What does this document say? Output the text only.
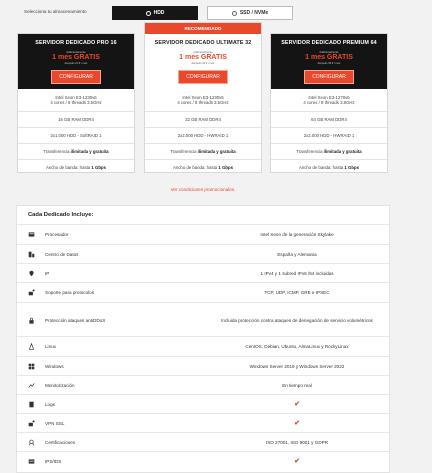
Selecciona tu almacenamiento	HDD	SSD / NVMe
SERVIDOR DEDICADO PRO 16
Addicionalmente
1 mes GRATIS
después 21 € / mes
CONFIGURAR
Intel Xeon E3-1230v6
4 cores / 8 threads 3.5GHz
16 GB RAM DDR4
2x1.000 HDD - SoftRAID 1
Transferencia ilimitada y gratuita
Ancho de banda: hasta 1 Gbps
RECOMENDADO
SERVIDOR DEDICADO ULTIMATE 32
Addicionalmente
1 mes GRATIS
después 29 € / mes
CONFIGURAR
Intel Xeon E3-1230v6
4 cores / 8 threads 3.5GHz
32 GB RAM DDR4
2x2.000 HDD - HWRAID 1
Transferencia ilimitada y gratuita
Ancho de banda: hasta 1 Gbps
SERVIDOR DEDICADO PREMIUM 64
Addicionalmente
1 mes GRATIS
después 39 € / mes
CONFIGURAR
Intel Xeon E3-1270v6
4 cores / 8 threads 3.8GHz
64 GB RAM DDR4
2x2.000 HDD - HWRAID 1
Transferencia ilimitada y gratuita
Ancho de banda: hasta 1 Gbps
Ver condiciones promocionales.
Cada Dedicado Incluye:
Procesador	Intel Xeon de la generación Skylake
Centro de Datos	España y Alemania
IP	1 IPv4 y 1 subred IPv6 /64 incluidas
Soporte para protocolos	TCP, UDP, ICMP, GRE e IPSEC
Protección ataques antiDDoS	Incluida protección contra ataques de denegación de servicio volumétricos
Linux	CentOS, Debian, Ubuntu, AlmaLinux y RockyLinux
Windows	Windows Server 2019 y Windows Server 2022
Monitorización	En tiempo real
Logs	✔
VPN SSL	✔
Certificaciones	ISO 27001, ISO 9001 y GDPR
IPS/IDS	✔
